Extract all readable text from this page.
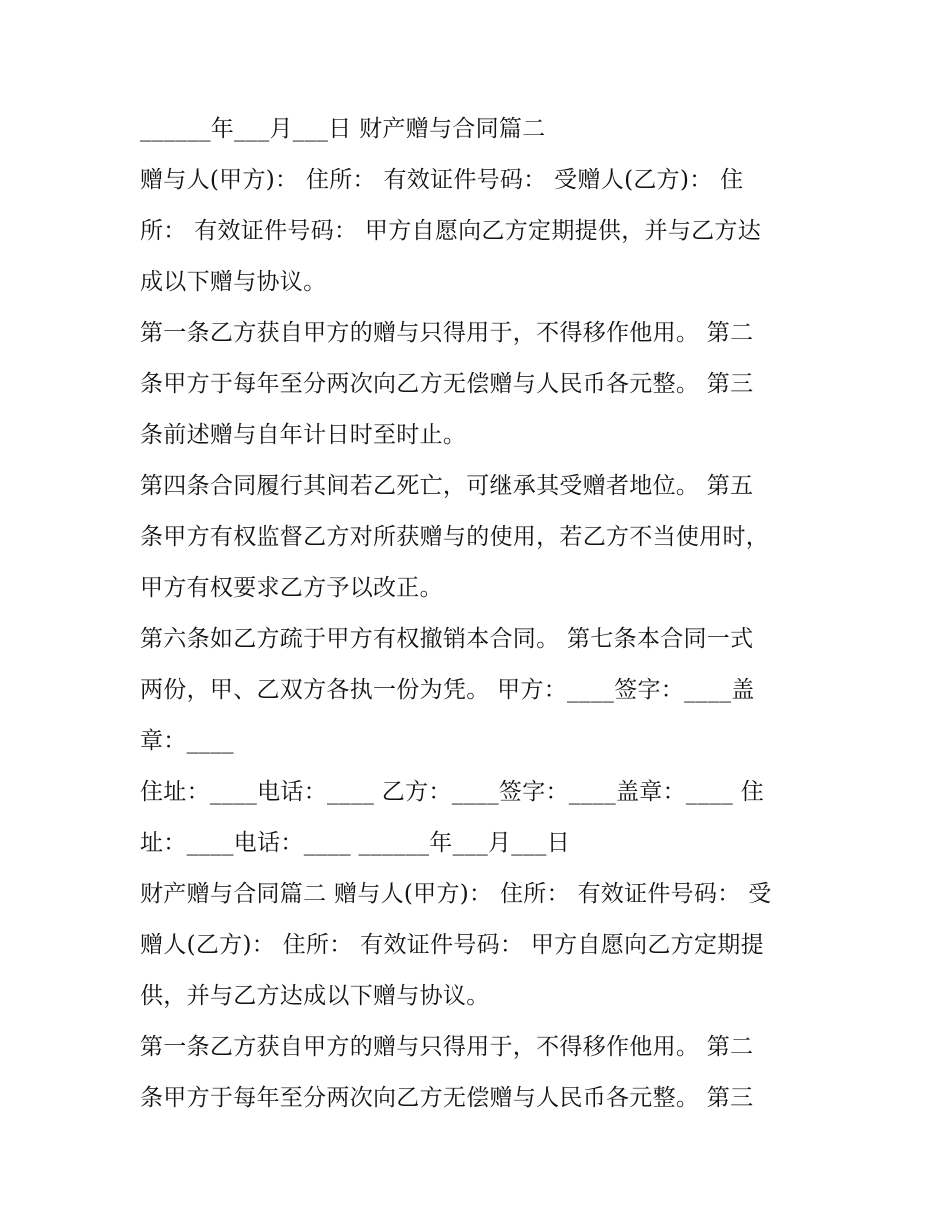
______年___月___日 财产赠与合同篇二
赠与人(甲方)： 住所： 有效证件号码： 受赠人(乙方)： 住
所： 有效证件号码： 甲方自愿向乙方定期提供，并与乙方达
成以下赠与协议。
第一条乙方获自甲方的赠与只得用于，不得移作他用。 第二
条甲方于每年至分两次向乙方无偿赠与人民币各元整。 第三
条前述赠与自年计日时至时止。
第四条合同履行其间若乙死亡，可继承其受赠者地位。 第五
条甲方有权监督乙方对所获赠与的使用，若乙方不当使用时，
甲方有权要求乙方予以改正。
第六条如乙方疏于甲方有权撤销本合同。 第七条本合同一式
两份，甲、乙双方各执一份为凭。 甲方：____签字：____盖
章：____
住址：____电话：____ 乙方：____签字：____盖章：____ 住
址：____电话：____ ______年___月___日
财产赠与合同篇二 赠与人(甲方)： 住所： 有效证件号码： 受
赠人(乙方)： 住所： 有效证件号码： 甲方自愿向乙方定期提
供，并与乙方达成以下赠与协议。
第一条乙方获自甲方的赠与只得用于，不得移作他用。 第二
条甲方于每年至分两次向乙方无偿赠与人民币各元整。 第三
